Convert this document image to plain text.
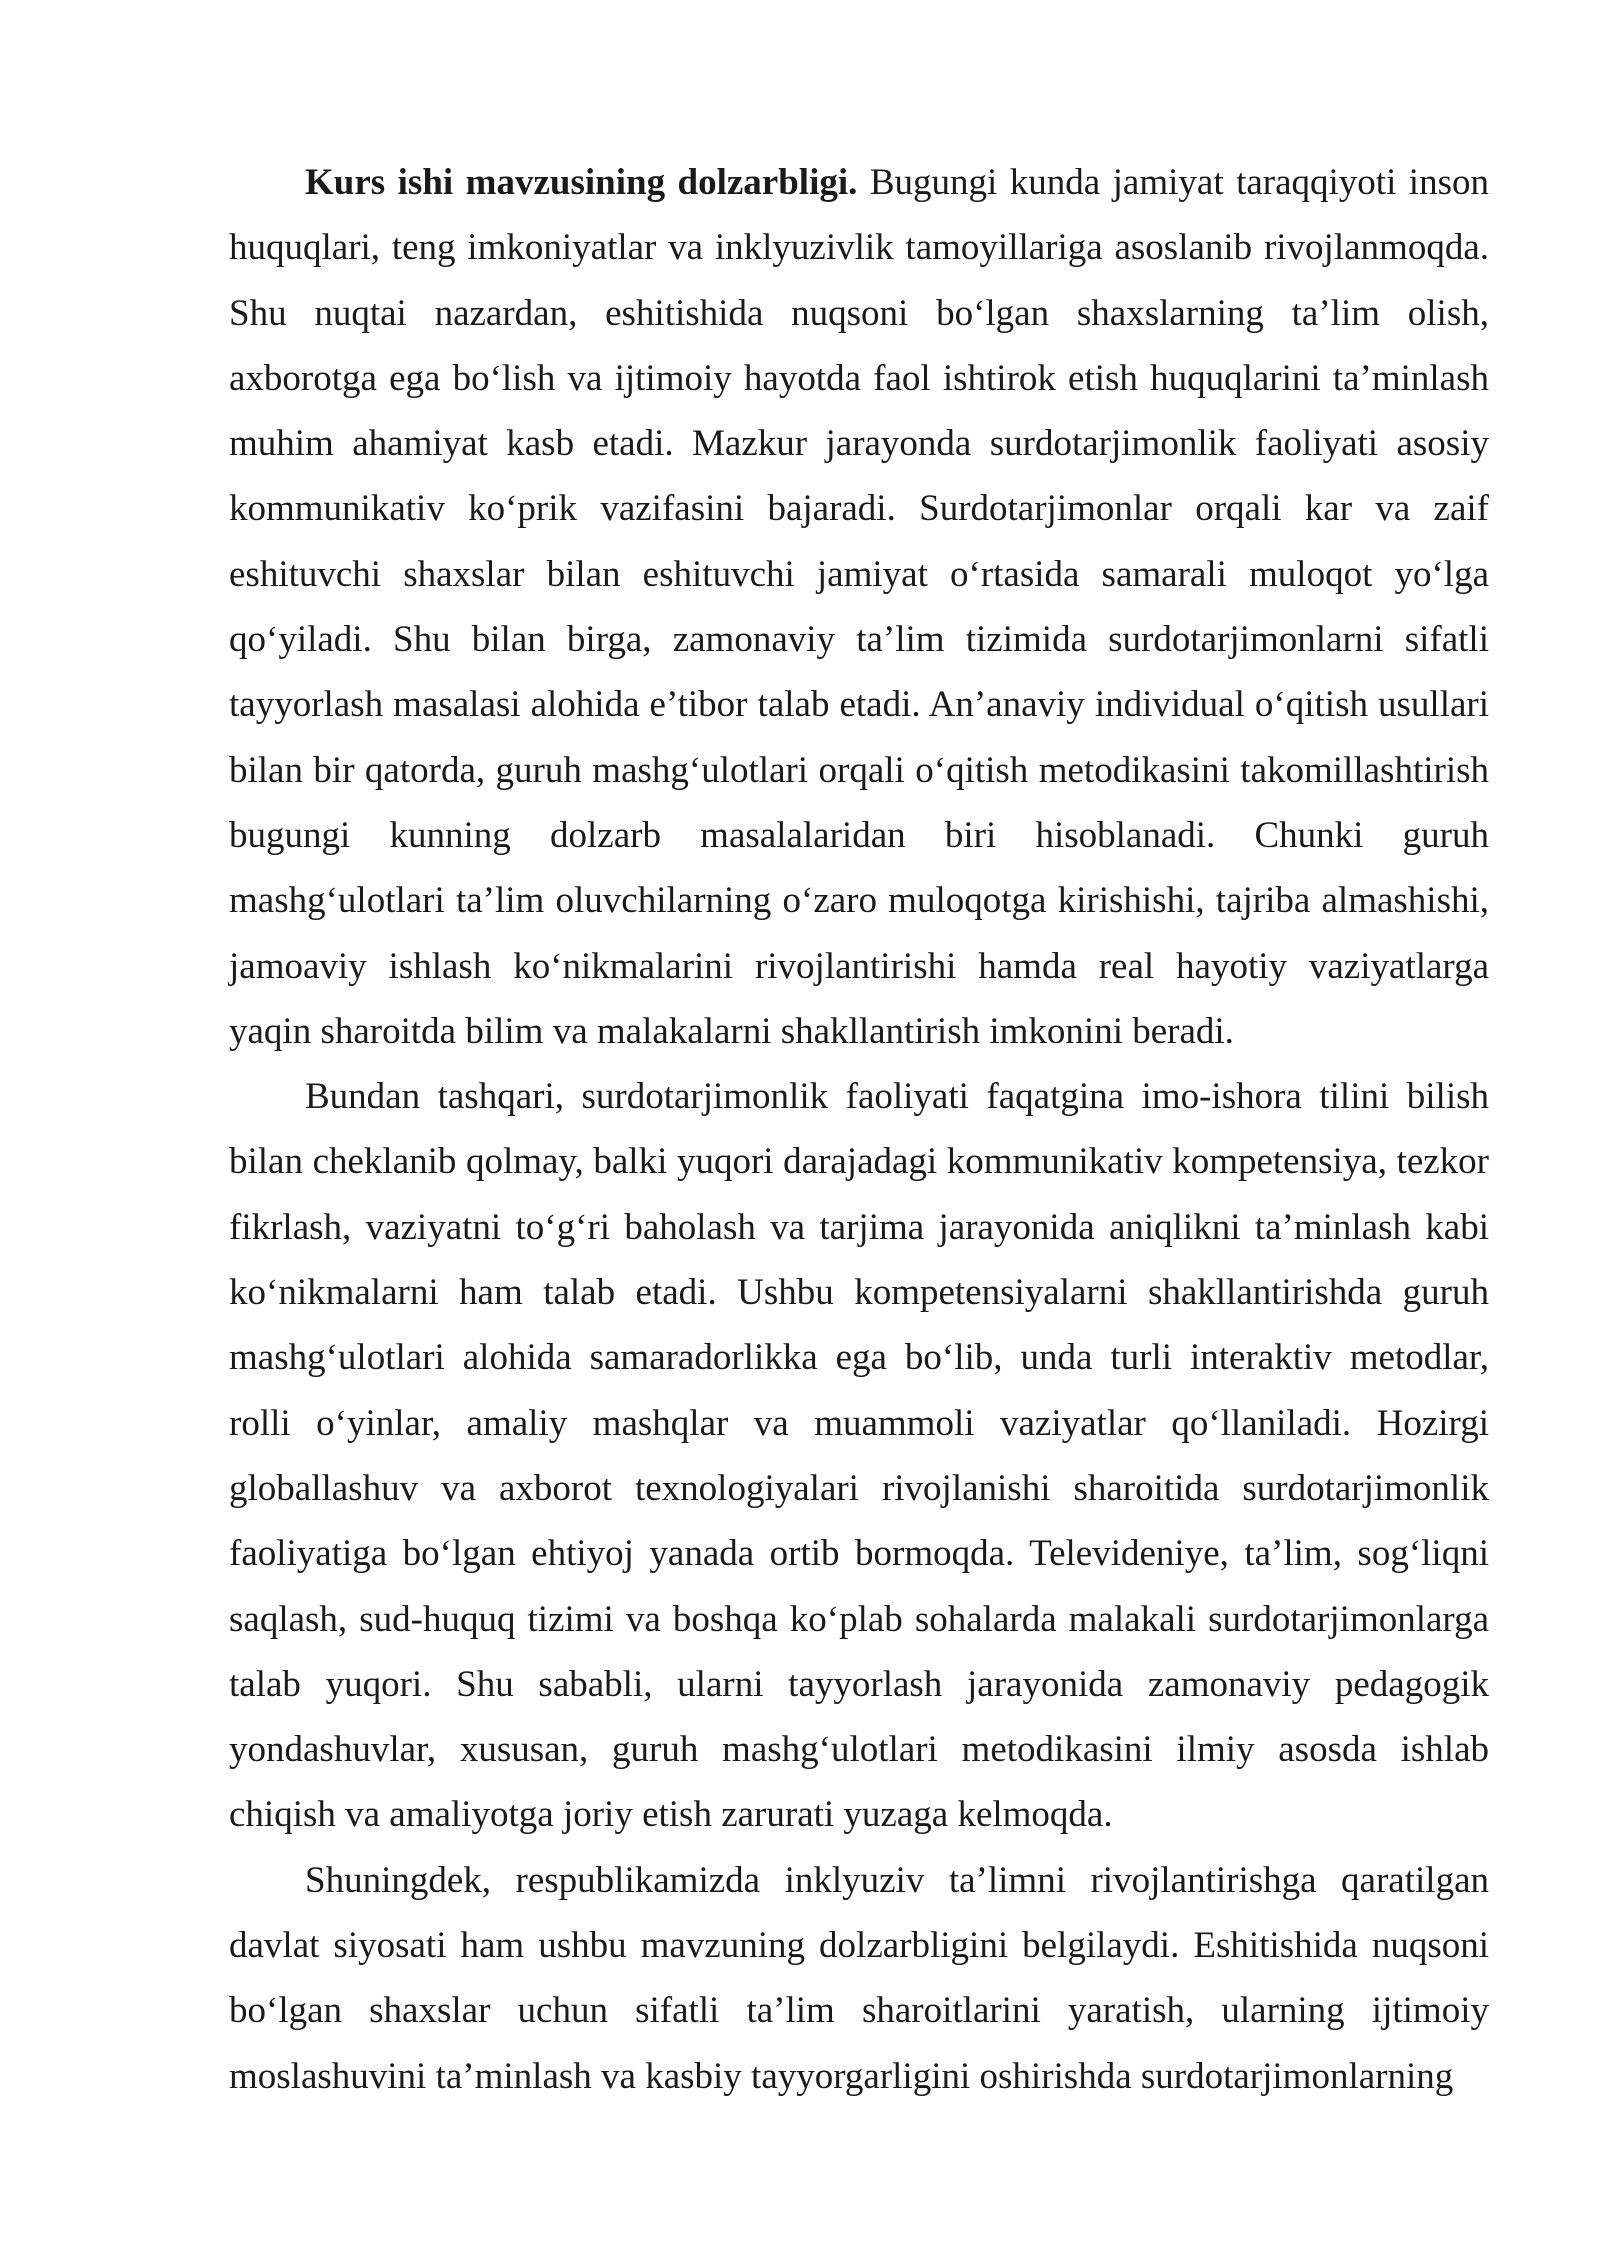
Kurs ishi mavzusining dolzarbligi. Bugungi kunda jamiyat taraqqiyoti inson huquqlari, teng imkoniyatlar va inklyuzivlik tamoyillariga asoslanib rivojlanmoqda. Shu nuqtai nazardan, eshitishida nuqsoni bo‘lgan shaxslarning ta’lim olish, axborotga ega bo‘lish va ijtimoiy hayotda faol ishtirok etish huquqlarini ta’minlash muhim ahamiyat kasb etadi. Mazkur jarayonda surdotarjimonlik faoliyati asosiy kommunikativ ko‘prik vazifasini bajaradi. Surdotarjimonlar orqali kar va zaif eshituvchi shaxslar bilan eshituvchi jamiyat o‘rtasida samarali muloqot yo‘lga qo‘yiladi. Shu bilan birga, zamonaviy ta’lim tizimida surdotarjimonlarni sifatli tayyorlash masalasi alohida e’tibor talab etadi. An’anaviy individual o‘qitish usullari bilan bir qatorda, guruh mashg‘ulotlari orqali o‘qitish metodikasini takomillashtirish bugungi kunning dolzarb masalalaridan biri hisoblanadi. Chunki guruh mashg‘ulotlari ta’lim oluvchilarning o‘zaro muloqotga kirishishi, tajriba almashishi, jamoaviy ishlash ko‘nikmalarini rivojlantirishi hamda real hayotiy vaziyatlarga yaqin sharoitda bilim va malakalarni shakllantirish imkonini beradi.

Bundan tashqari, surdotarjimonlik faoliyati faqatgina imo-ishora tilini bilish bilan cheklanib qolmay, balki yuqori darajadagi kommunikativ kompetensiya, tezkor fikrlash, vaziyatni to‘g‘ri baholash va tarjima jarayonida aniqlikni ta’minlash kabi ko‘nikmalarni ham talab etadi. Ushbu kompetensiyalarni shakllantirishda guruh mashg‘ulotlari alohida samaradorlikka ega bo‘lib, unda turli interaktiv metodlar, rolli o‘yinlar, amaliy mashqlar va muammoli vaziyatlar qo‘llaniladi. Hozirgi globallashuv va axborot texnologiyalari rivojlanishi sharoitida surdotarjimonlik faoliyatiga bo‘lgan ehtiyoj yanada ortib bormoqda. Televideniye, ta’lim, sog‘liqni saqlash, sud-huquq tizimi va boshqa ko‘plab sohalarda malakali surdotarjimonlarga talab yuqori. Shu sababli, ularni tayyorlash jarayonida zamonaviy pedagogik yondashuvlar, xususan, guruh mashg‘ulotlari metodikasini ilmiy asosda ishlab chiqish va amaliyotga joriy etish zarurati yuzaga kelmoqda.

Shuningdek, respublikamizda inklyuziv ta’limni rivojlantirishga qaratilgan davlat siyosati ham ushbu mavzuning dolzarbligini belgilaydi. Eshitishida nuqsoni bo‘lgan shaxslar uchun sifatli ta’lim sharoitlarini yaratish, ularning ijtimoiy moslashuvini ta’minlash va kasbiy tayyorgarligini oshirishda surdotarjimonlarning
